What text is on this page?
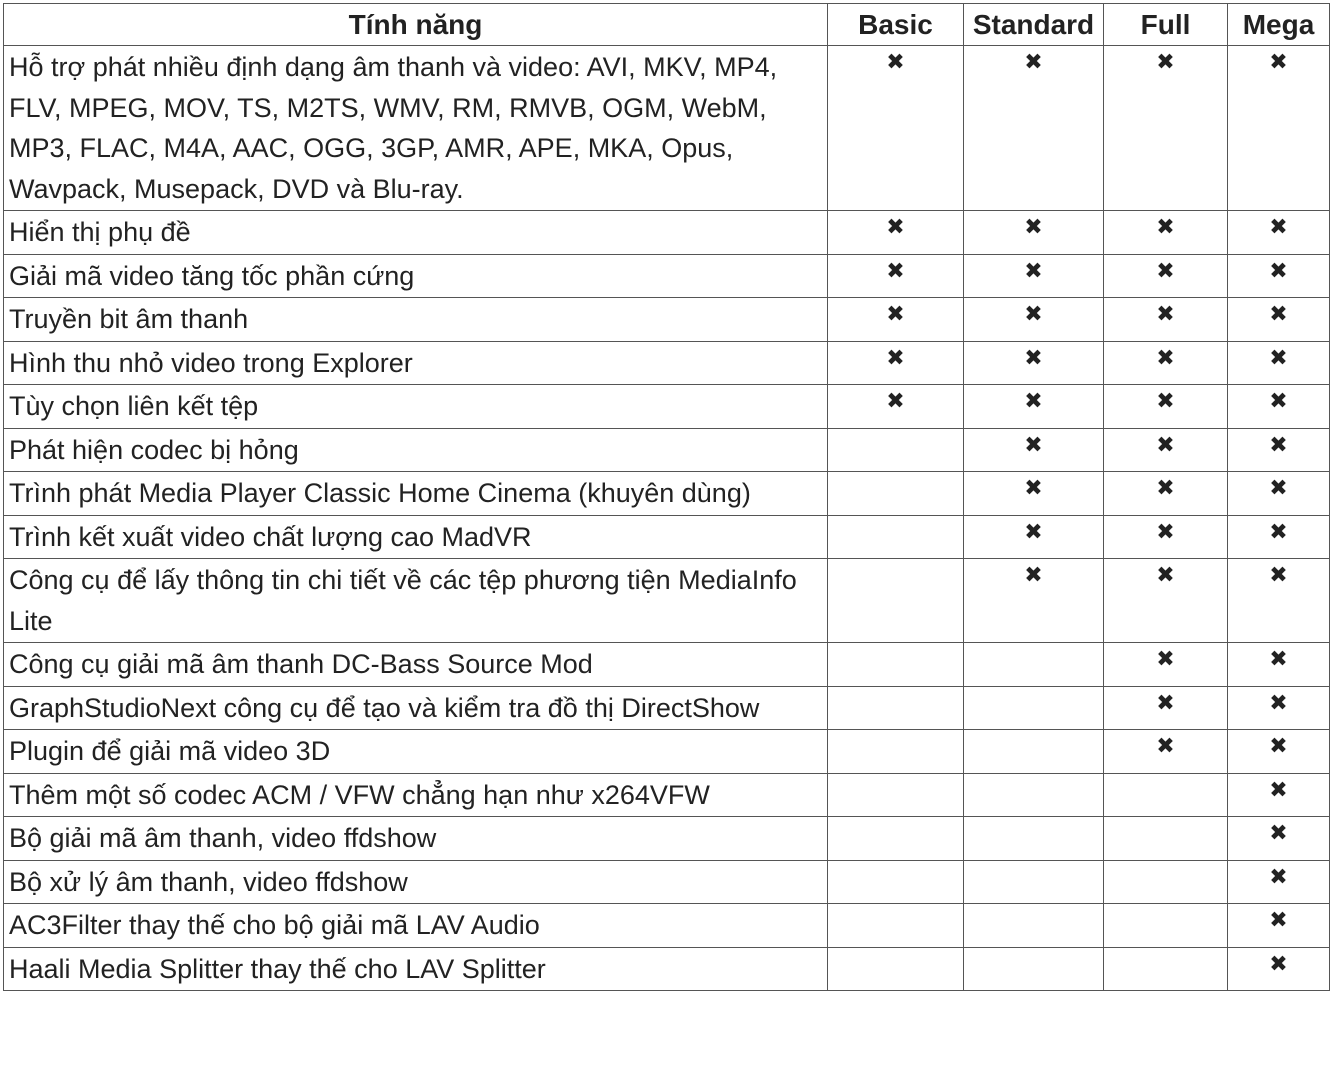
Tính năng	Basic	Standard	Full	Mega
Hỗ trợ phát nhiều định dạng âm thanh và video: AVI, MKV, MP4, FLV, MPEG, MOV, TS, M2TS, WMV, RM, RMVB, OGM, WebM, MP3, FLAC, M4A, AAC, OGG, 3GP, AMR, APE, MKA, Opus, Wavpack, Musepack, DVD và Blu-ray.	✖	✖	✖	✖
Hiển thị phụ đề	✖	✖	✖	✖
Giải mã video tăng tốc phần cứng	✖	✖	✖	✖
Truyền bit âm thanh	✖	✖	✖	✖
Hình thu nhỏ video trong Explorer	✖	✖	✖	✖
Tùy chọn liên kết tệp	✖	✖	✖	✖
Phát hiện codec bị hỏng		✖	✖	✖
Trình phát Media Player Classic Home Cinema (khuyên dùng)		✖	✖	✖
Trình kết xuất video chất lượng cao MadVR		✖	✖	✖
Công cụ để lấy thông tin chi tiết về các tệp phương tiện MediaInfo Lite		✖	✖	✖
Công cụ giải mã âm thanh DC-Bass Source Mod			✖	✖
GraphStudioNext công cụ để tạo và kiểm tra đồ thị DirectShow			✖	✖
Plugin để giải mã video 3D			✖	✖
Thêm một số codec ACM / VFW chẳng hạn như x264VFW				✖
Bộ giải mã âm thanh, video ffdshow				✖
Bộ xử lý âm thanh, video ffdshow				✖
AC3Filter thay thế cho bộ giải mã LAV Audio				✖
Haali Media Splitter thay thế cho LAV Splitter				✖
